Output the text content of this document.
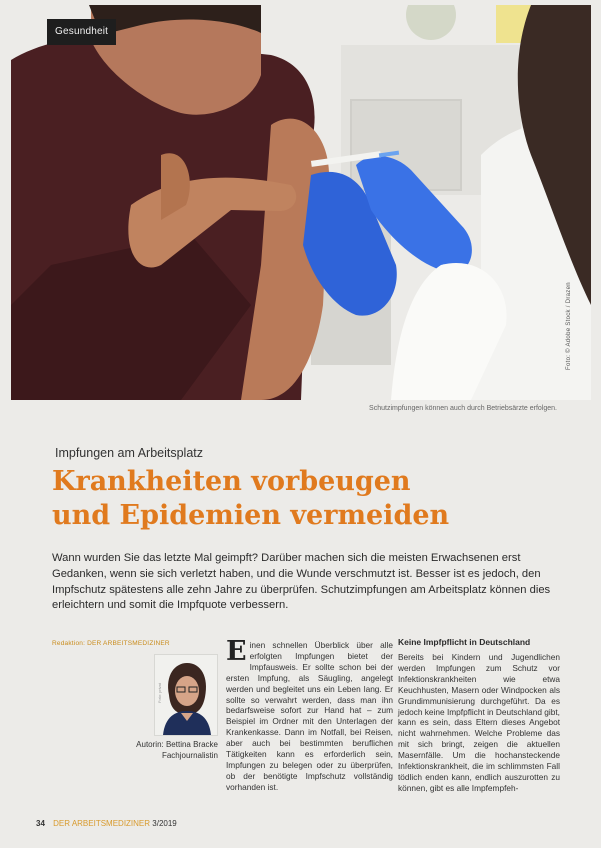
Gesundheit
Foto: © Adobe Stock / Drazen
Schutzimpfungen können auch durch Betriebsärzte erfolgen.
Impfungen am Arbeitsplatz
Krankheiten vorbeugen
und Epidemien vermeiden
Wann wurden Sie das letzte Mal geimpft? Darüber machen sich die meisten Erwachsenen erst Gedanken, wenn sie sich verletzt haben, und die Wunde verschmutzt ist. Besser ist es jedoch, den Impfschutz spätestens alle zehn Jahre zu überprüfen. Schutzimpfungen am Arbeitsplatz können dies erleichtern und somit die Impfquote verbessern.
Redaktion: DER ARBEITSMEDIZINER
Foto: privat
Autorin: Bettina Bracke
Fachjournalistin
Einen schnellen Überblick über alle erfolgten Impfungen bietet der Impfausweis. Er sollte schon bei der ersten Impfung, als Säugling, angelegt werden und begleitet uns ein Leben lang. Er sollte so verwahrt werden, dass man ihn bedarfsweise sofort zur Hand hat – zum Beispiel im Ordner mit den Unterlagen der Krankenkasse. Dann im Notfall, bei Reisen, aber auch bei bestimmten beruflichen Tätigkeiten kann es erforderlich sein, Impfungen zu belegen oder zu überprüfen, ob der benötigte Impfschutz vollständig vorhanden ist.
Keine Impfpflicht in Deutschland
Bereits bei Kindern und Jugendlichen werden Impfungen zum Schutz vor Infektionskrankheiten wie etwa Keuchhusten, Masern oder Windpocken als Grundimmunisierung durchgeführt. Da es jedoch keine Impfpflicht in Deutschland gibt, kann es sein, dass Eltern dieses Angebot nicht wahrnehmen. Welche Probleme das mit sich bringt, zeigen die aktuellen Masernfälle. Um die hochansteckende Infektionskrankheit, die im schlimmsten Fall tödlich enden kann, endlich auszurotten zu können, gibt es alle Impfempfeh-
34 DER ARBEITSMEDIZINER 3/2019
